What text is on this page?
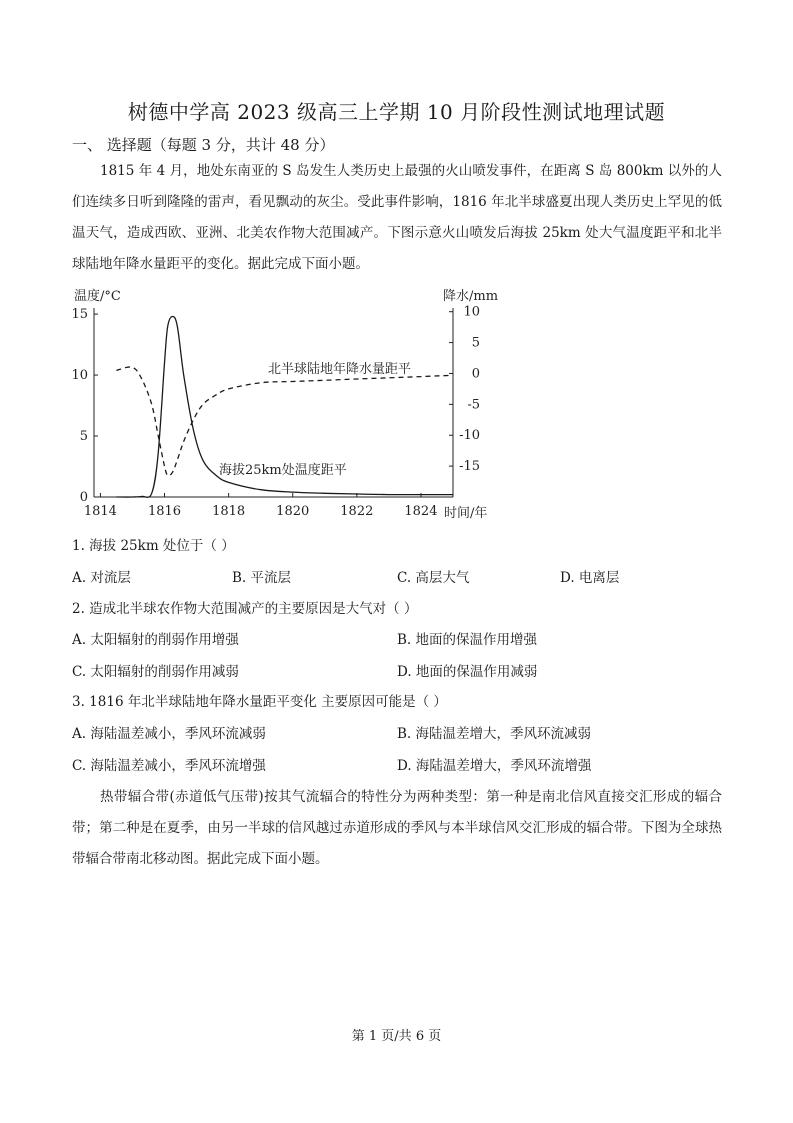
树德中学高 2023 级高三上学期 10 月阶段性测试地理试题
一、 选择题（每题 3 分，共计 48 分）

1815 年 4 月，地处东南亚的 S 岛发生人类历史上最强的火山喷发事件，在距离 S 岛 800km 以外的人们连续多日听到隆隆的雷声，看见飘动的灰尘。受此事件影响，1816 年北半球盛夏出现人类历史上罕见的低温天气，造成西欧、亚洲、北美农作物大范围减产。下图示意火山喷发后海拔 25km 处大气温度距平和北半球陆地年降水量距平的变化。据此完成下面小题。

1814 1816 1818 1820 1822 1824
0
5
10
15	10
5
0
-5
-10
-15
温度/°C	降水/mm
时间/年
北半球陆地年降水量距平
海拔25km处温度距平
1. 海拔 25km 处位于（ ）
A. 对流层	B. 平流层	C. 高层大气	D. 电离层
2. 造成北半球农作物大范围减产的主要原因是大气对（ ）
A. 太阳辐射的削弱作用增强	B. 地面的保温作用增强
C. 太阳辐射的削弱作用减弱	D. 地面的保温作用减弱
3. 1816 年北半球陆地年降水量距平变化 主要原因可能是（ ）
A. 海陆温差减小，季风环流减弱	B. 海陆温差增大，季风环流减弱
C. 海陆温差减小，季风环流增强	D. 海陆温差增大，季风环流增强

热带辐合带(赤道低气压带)按其气流辐合的特性分为两种类型：第一种是南北信风直接交汇形成的辐合带；第二种是在夏季，由另一半球的信风越过赤道形成的季风与本半球信风交汇形成的辐合带。下图为全球热带辐合带南北移动图。据此完成下面小题。

第 1 页/共 6 页
